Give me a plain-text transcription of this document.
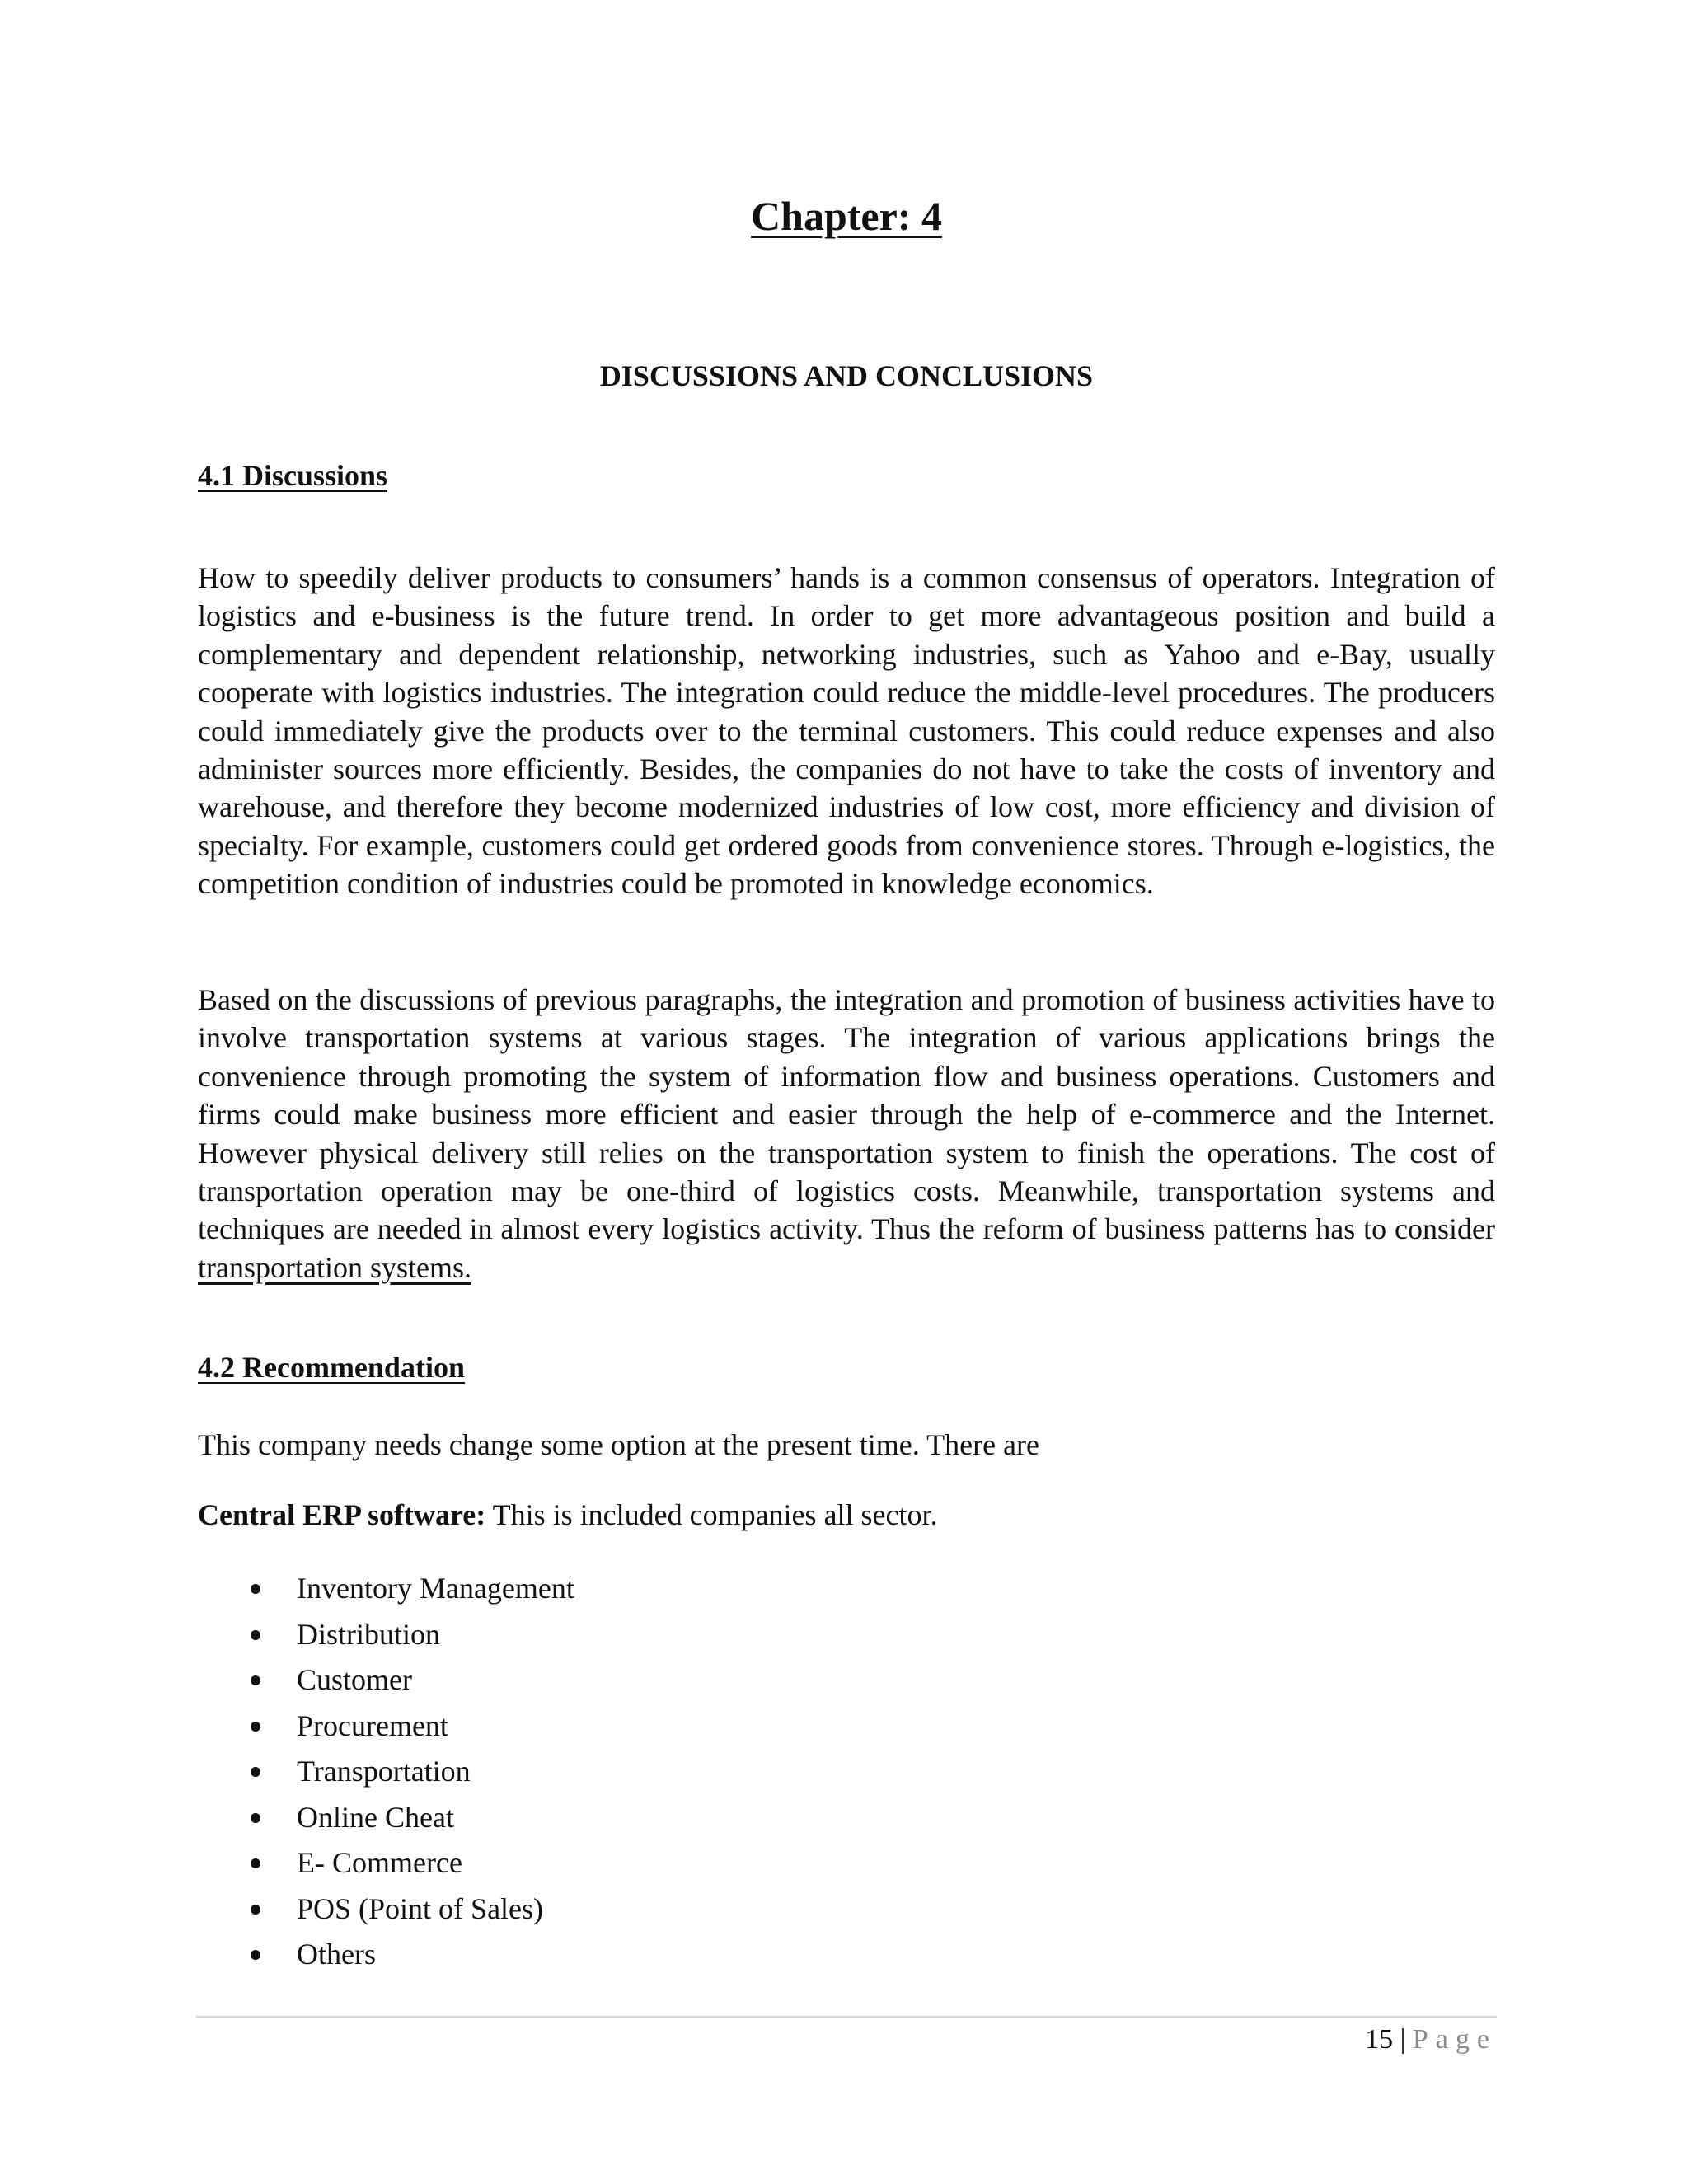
Chapter: 4
DISCUSSIONS AND CONCLUSIONS
4.1 Discussions

How to speedily deliver products to consumers’ hands is a common consensus of operators. Integration of logistics and e-business is the future trend. In order to get more advantageous position and build a complementary and dependent relationship, networking industries, such as Yahoo and e-Bay, usually cooperate with logistics industries. The integration could reduce the middle-level procedures. The producers could immediately give the products over to the terminal customers. This could reduce expenses and also administer sources more efficiently. Besides, the companies do not have to take the costs of inventory and warehouse, and therefore they become modernized industries of low cost, more efficiency and division of specialty. For example, customers could get ordered goods from convenience stores. Through e-logistics, the competition condition of industries could be promoted in knowledge economics.

Based on the discussions of previous paragraphs, the integration and promotion of business activities have to involve transportation systems at various stages. The integration of various applications brings the convenience through promoting the system of information flow and business operations. Customers and firms could make business more efficient and easier through the help of e-commerce and the Internet. However physical delivery still relies on the transportation system to finish the operations. The cost of transportation operation may be one-third of logistics costs. Meanwhile, transportation systems and techniques are needed in almost every logistics activity. Thus the reform of business patterns has to consider transportation systems.

4.2 Recommendation

This company needs change some option at the present time. There are

Central ERP software: This is included companies all sector.

Inventory Management
Distribution
Customer
Procurement
Transportation
Online Cheat
E- Commerce
POS (Point of Sales)
Others
15 | Page
